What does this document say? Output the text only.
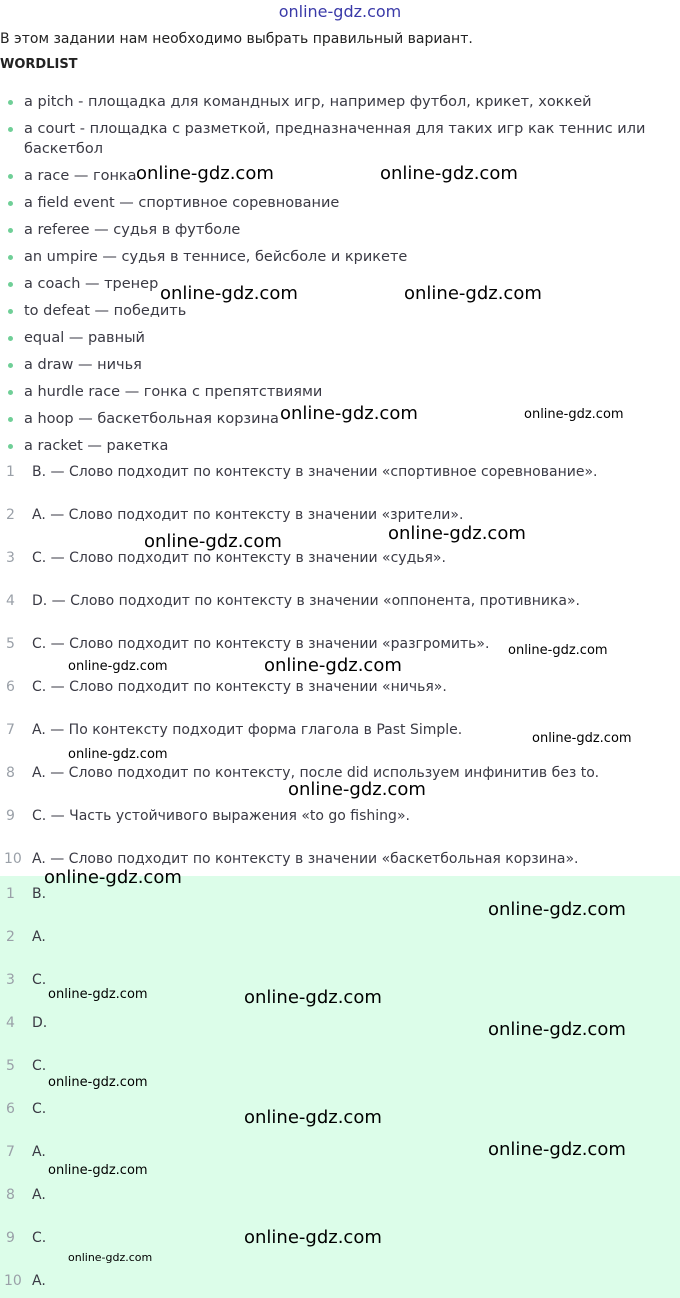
online-gdz.com
В этом задании нам необходимо выбрать правильный вариант.
WORDLIST
a pitch - площадка для командных игр, например футбол, крикет, хоккей
a court - площадка с разметкой, предназначенная для таких игр как теннис или баскетбол
a race — гонка
a field event — спортивное соревнование
a referee — судья в футболе
an umpire — судья в теннисе, бейсболе и крикете
a coach — тренер
to defeat — победить
equal — равный
a draw — ничья
a hurdle race — гонка с препятствиями
a hoop — баскетбольная корзина
a racket — ракетка
1	B. — Слово подходит по контексту в значении «спортивное соревнование».
2	A. — Слово подходит по контексту в значении «зрители».
3	C. — Слово подходит по контексту в значении «судья».
4	D. — Слово подходит по контексту в значении «оппонента, противника».
5	C. — Слово подходит по контексту в значении «разгромить».
6	C. — Слово подходит по контексту в значении «ничья».
7	A. — По контексту подходит форма глагола в Past Simple.
8	A. — Слово подходит по контексту, после did используем инфинитив без to.
9	C. — Часть устойчивого выражения «to go fishing».
10 A. — Слово подходит по контексту в значении «баскетбольная корзина».
1 B.
2 A.
3 C.
4 D.
5 C.
6 C.
7 A.
8 A.
9 C.
10 A.
online-gdz.com	online-gdz.com
online-gdz.com	online-gdz.com
online-gdz.com	online-gdz.com
online-gdz.com
online-gdz.com
online-gdz.com
online-gdz.com
online-gdz.com
online-gdz.com
online-gdz.com
online-gdz.com
online-gdz.com
online-gdz.com
online-gdz.com	online-gdz.com
online-gdz.com
online-gdz.com
online-gdz.com
online-gdz.com
online-gdz.com
online-gdz.com
online-gdz.com
